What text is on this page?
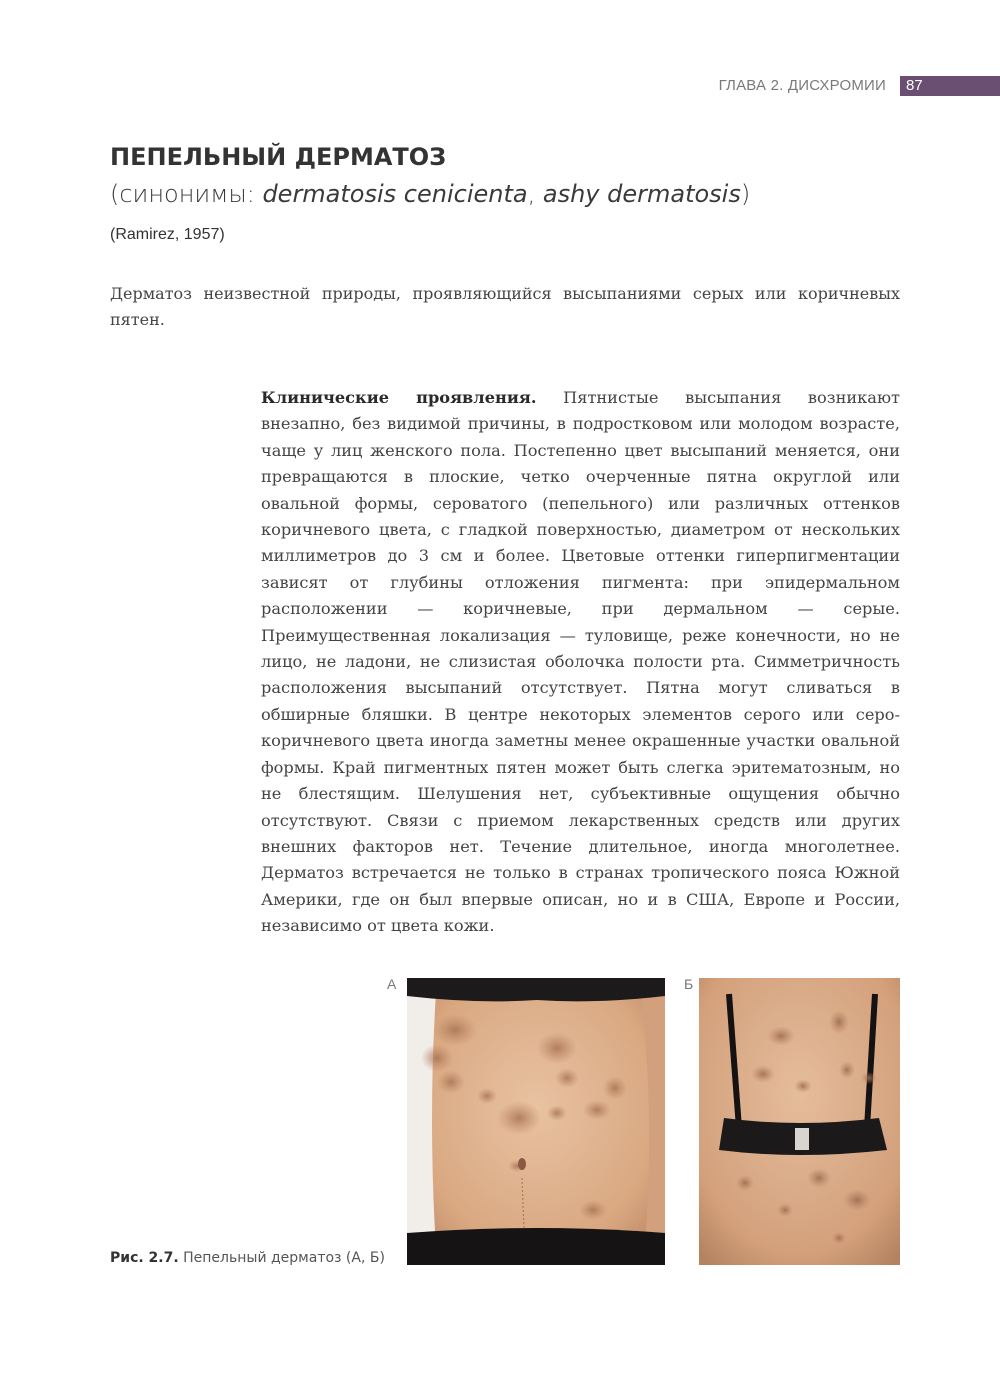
ГЛАВА 2. ДИСХРОМИИ 87
ПЕПЕЛЬНЫЙ ДЕРМАТОЗ
(синонимы: dermatosis cenicienta, ashy dermatosis)
(Ramirez, 1957)

Дерматоз неизвестной природы, проявляющийся высыпаниями серых или коричневых пятен.

Клинические проявления. Пятнистые высыпания возникают внезапно, без видимой причины, в подростковом или молодом возрасте, чаще у лиц женского пола. Постепенно цвет высыпаний меняется, они превращаются в плоские, четко очерченные пятна округлой или овальной формы, сероватого (пепельного) или различных оттенков коричневого цвета, с гладкой поверхностью, диаметром от нескольких миллиметров до 3 см и более. Цветовые оттенки гиперпигментации зависят от глубины отложения пигмента: при эпидермальном расположении — коричневые, при дермальном — серые. Преимущественная локализация — туловище, реже конечности, но не лицо, не ладони, не слизистая оболочка полости рта. Симметричность расположения высыпаний отсутствует. Пятна могут сливаться в обширные бляшки. В центре некоторых элементов серого или серо-коричневого цвета иногда заметны менее окрашенные участки овальной формы. Край пигментных пятен может быть слегка эритематозным, но не блестящим. Шелушения нет, субъективные ощущения обычно отсутствуют. Связи с приемом лекарственных средств или других внешних факторов нет. Течение длительное, иногда многолетнее. Дерматоз встречается не только в странах тропического пояса Южной Америки, где он был впервые описан, но и в США, Европе и России, независимо от цвета кожи.

А	Б
Рис. 2.7. Пепельный дерматоз (А, Б)
